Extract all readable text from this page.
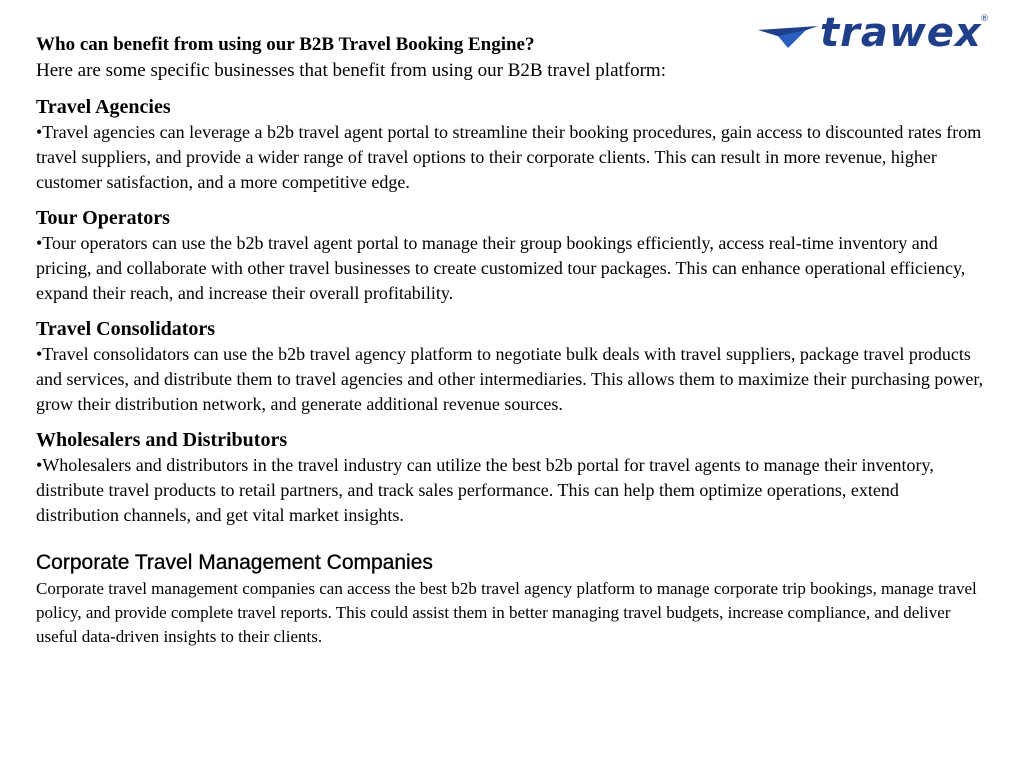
trawex
®

Who can benefit from using our B2B Travel Booking Engine?

Here are some specific businesses that benefit from using our B2B travel platform:

Travel Agencies

•Travel agencies can leverage a b2b travel agent portal to streamline their booking procedures, gain access to discounted rates from travel suppliers, and provide a wider range of travel options to their corporate clients. This can result in more revenue, higher customer satisfaction, and a more competitive edge.

Tour Operators

•Tour operators can use the b2b travel agent portal to manage their group bookings efficiently, access real-time inventory and pricing, and collaborate with other travel businesses to create customized tour packages. This can enhance operational efficiency, expand their reach, and increase their overall profitability.

Travel Consolidators

•Travel consolidators can use the b2b travel agency platform to negotiate bulk deals with travel suppliers, package travel products and services, and distribute them to travel agencies and other intermediaries. This allows them to maximize their purchasing power, grow their distribution network, and generate additional revenue sources.

Wholesalers and Distributors

•Wholesalers and distributors in the travel industry can utilize the best b2b portal for travel agents to manage their inventory, distribute travel products to retail partners, and track sales performance. This can help them optimize operations, extend distribution channels, and get vital market insights.

Corporate Travel Management Companies

Corporate travel management companies can access the best b2b travel agency platform to manage corporate trip bookings, manage travel policy, and provide complete travel reports. This could assist them in better managing travel budgets, increase compliance, and deliver useful data-driven insights to their clients.
